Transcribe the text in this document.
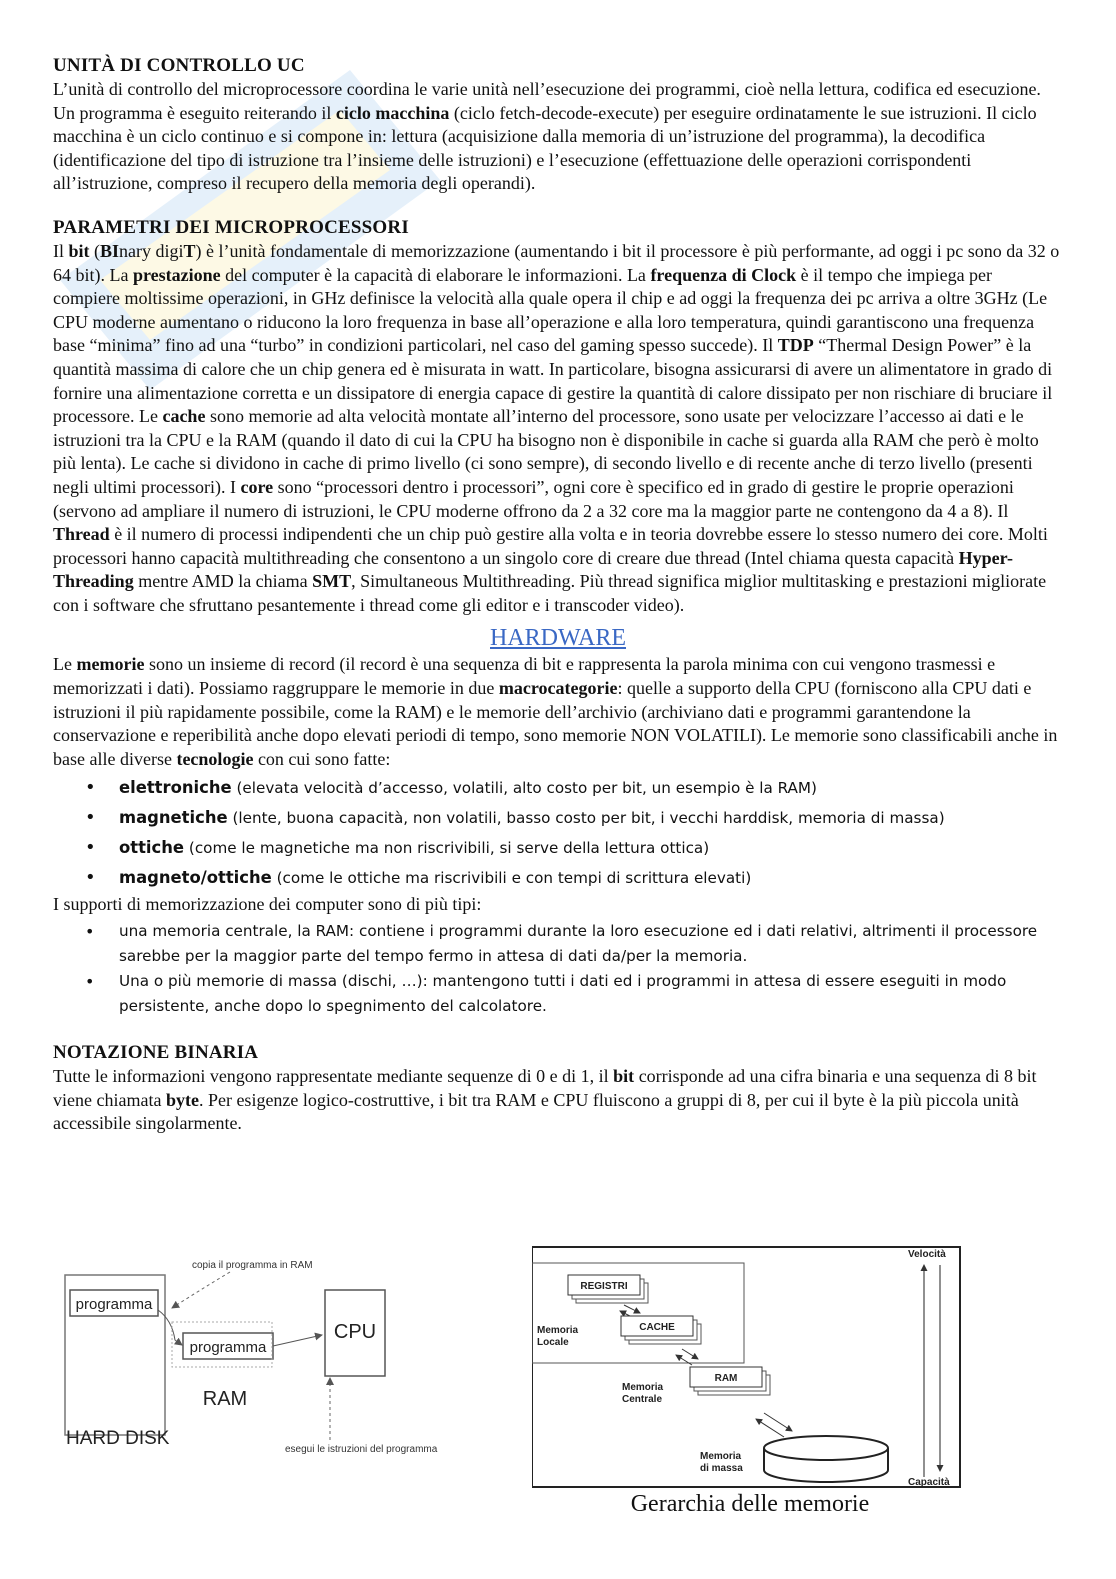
UNITÀ DI CONTROLLO UC

L’unità di controllo del microprocessore coordina le varie unità nell’esecuzione dei programmi, cioè nella lettura, codifica ed esecuzione. Un programma è eseguito reiterando il ciclo macchina (ciclo fetch-decode-execute) per eseguire ordinatamente le sue istruzioni. Il ciclo macchina è un ciclo continuo e si compone in: lettura (acquisizione dalla memoria di un’istruzione del programma), la decodifica (identificazione del tipo di istruzione tra l’insieme delle istruzioni) e l’esecuzione (effettuazione delle operazioni corrispondenti all’istruzione, compreso il recupero della memoria degli operandi).

PARAMETRI DEI MICROPROCESSORI

Il bit (BInary digiT) è l’unità fondamentale di memorizzazione (aumentando i bit il processore è più performante, ad oggi i pc sono da 32 o 64 bit). La prestazione del computer è la capacità di elaborare le informazioni. La frequenza di Clock è il tempo che impiega per compiere moltissime operazioni, in GHz definisce la velocità alla quale opera il chip e ad oggi la frequenza dei pc arriva a oltre 3GHz (Le CPU moderne aumentano o riducono la loro frequenza in base all’operazione e alla loro temperatura, quindi garantiscono una frequenza base “minima” fino ad una “turbo” in condizioni particolari, nel caso del gaming spesso succede). Il TDP “Thermal Design Power” è la quantità massima di calore che un chip genera ed è misurata in watt. In particolare, bisogna assicurarsi di avere un alimentatore in grado di fornire una alimentazione corretta e un dissipatore di energia capace di gestire la quantità di calore dissipato per non rischiare di bruciare il processore. Le cache sono memorie ad alta velocità montate all’interno del processore, sono usate per velocizzare l’accesso ai dati e le istruzioni tra la CPU e la RAM (quando il dato di cui la CPU ha bisogno non è disponibile in cache si guarda alla RAM che però è molto più lenta). Le cache si dividono in cache di primo livello (ci sono sempre), di secondo livello e di recente anche di terzo livello (presenti negli ultimi processori). I core sono “processori dentro i processori”, ogni core è specifico ed in grado di gestire le proprie operazioni (servono ad ampliare il numero di istruzioni, le CPU moderne offrono da 2 a 32 core ma la maggior parte ne contengono da 4 a 8). Il Thread è il numero di processi indipendenti che un chip può gestire alla volta e in teoria dovrebbe essere lo stesso numero dei core. Molti processori hanno capacità multithreading che consentono a un singolo core di creare due thread (Intel chiama questa capacità Hyper-Threading mentre AMD la chiama SMT, Simultaneous Multithreading. Più thread significa miglior multitasking e prestazioni migliorate con i software che sfruttano pesantemente i thread come gli editor e i transcoder video).

HARDWARE

Le memorie sono un insieme di record (il record è una sequenza di bit e rappresenta la parola minima con cui vengono trasmessi e memorizzati i dati). Possiamo raggruppare le memorie in due macrocategorie: quelle a supporto della CPU (forniscono alla CPU dati e istruzioni il più rapidamente possibile, come la RAM) e le memorie dell’archivio (archiviano dati e programmi garantendone la conservazione e reperibilità anche dopo elevati periodi di tempo, sono memorie NON VOLATILI). Le memorie sono classificabili anche in base alle diverse tecnologie con cui sono fatte:

• elettroniche (elevata velocità d’accesso, volatili, alto costo per bit, un esempio è la RAM)
• magnetiche (lente, buona capacità, non volatili, basso costo per bit, i vecchi harddisk, memoria di massa)
• ottiche (come le magnetiche ma non riscrivibili, si serve della lettura ottica)
• magneto/ottiche (come le ottiche ma riscrivibili e con tempi di scrittura elevati)

I supporti di memorizzazione dei computer sono di più tipi:

• una memoria centrale, la RAM: contiene i programmi durante la loro esecuzione ed i dati relativi, altrimenti il processore sarebbe per la maggior parte del tempo fermo in attesa di dati da/per la memoria.
• Una o più memorie di massa (dischi, …): mantengono tutti i dati ed i programmi in attesa di essere eseguiti in modo persistente, anche dopo lo spegnimento del calcolatore.
NOTAZIONE BINARIA

Tutte le informazioni vengono rappresentate mediante sequenze di 0 e di 1, il bit corrisponde ad una cifra binaria e una sequenza di 8 bit viene chiamata byte. Per esigenze logico-costruttive, i bit tra RAM e CPU fluiscono a gruppi di 8, per cui il byte è la più piccola unità accessibile singolarmente.

copia il programma in RAM
programma
programma
CPU
RAM
HARD DISK
esegui le istruzioni del programma
Velocità
Capacità
REGISTRI
Memoria
Locale
CACHE
RAM
Memoria
Centrale
Memoria
di massa
Gerarchia delle memorie
